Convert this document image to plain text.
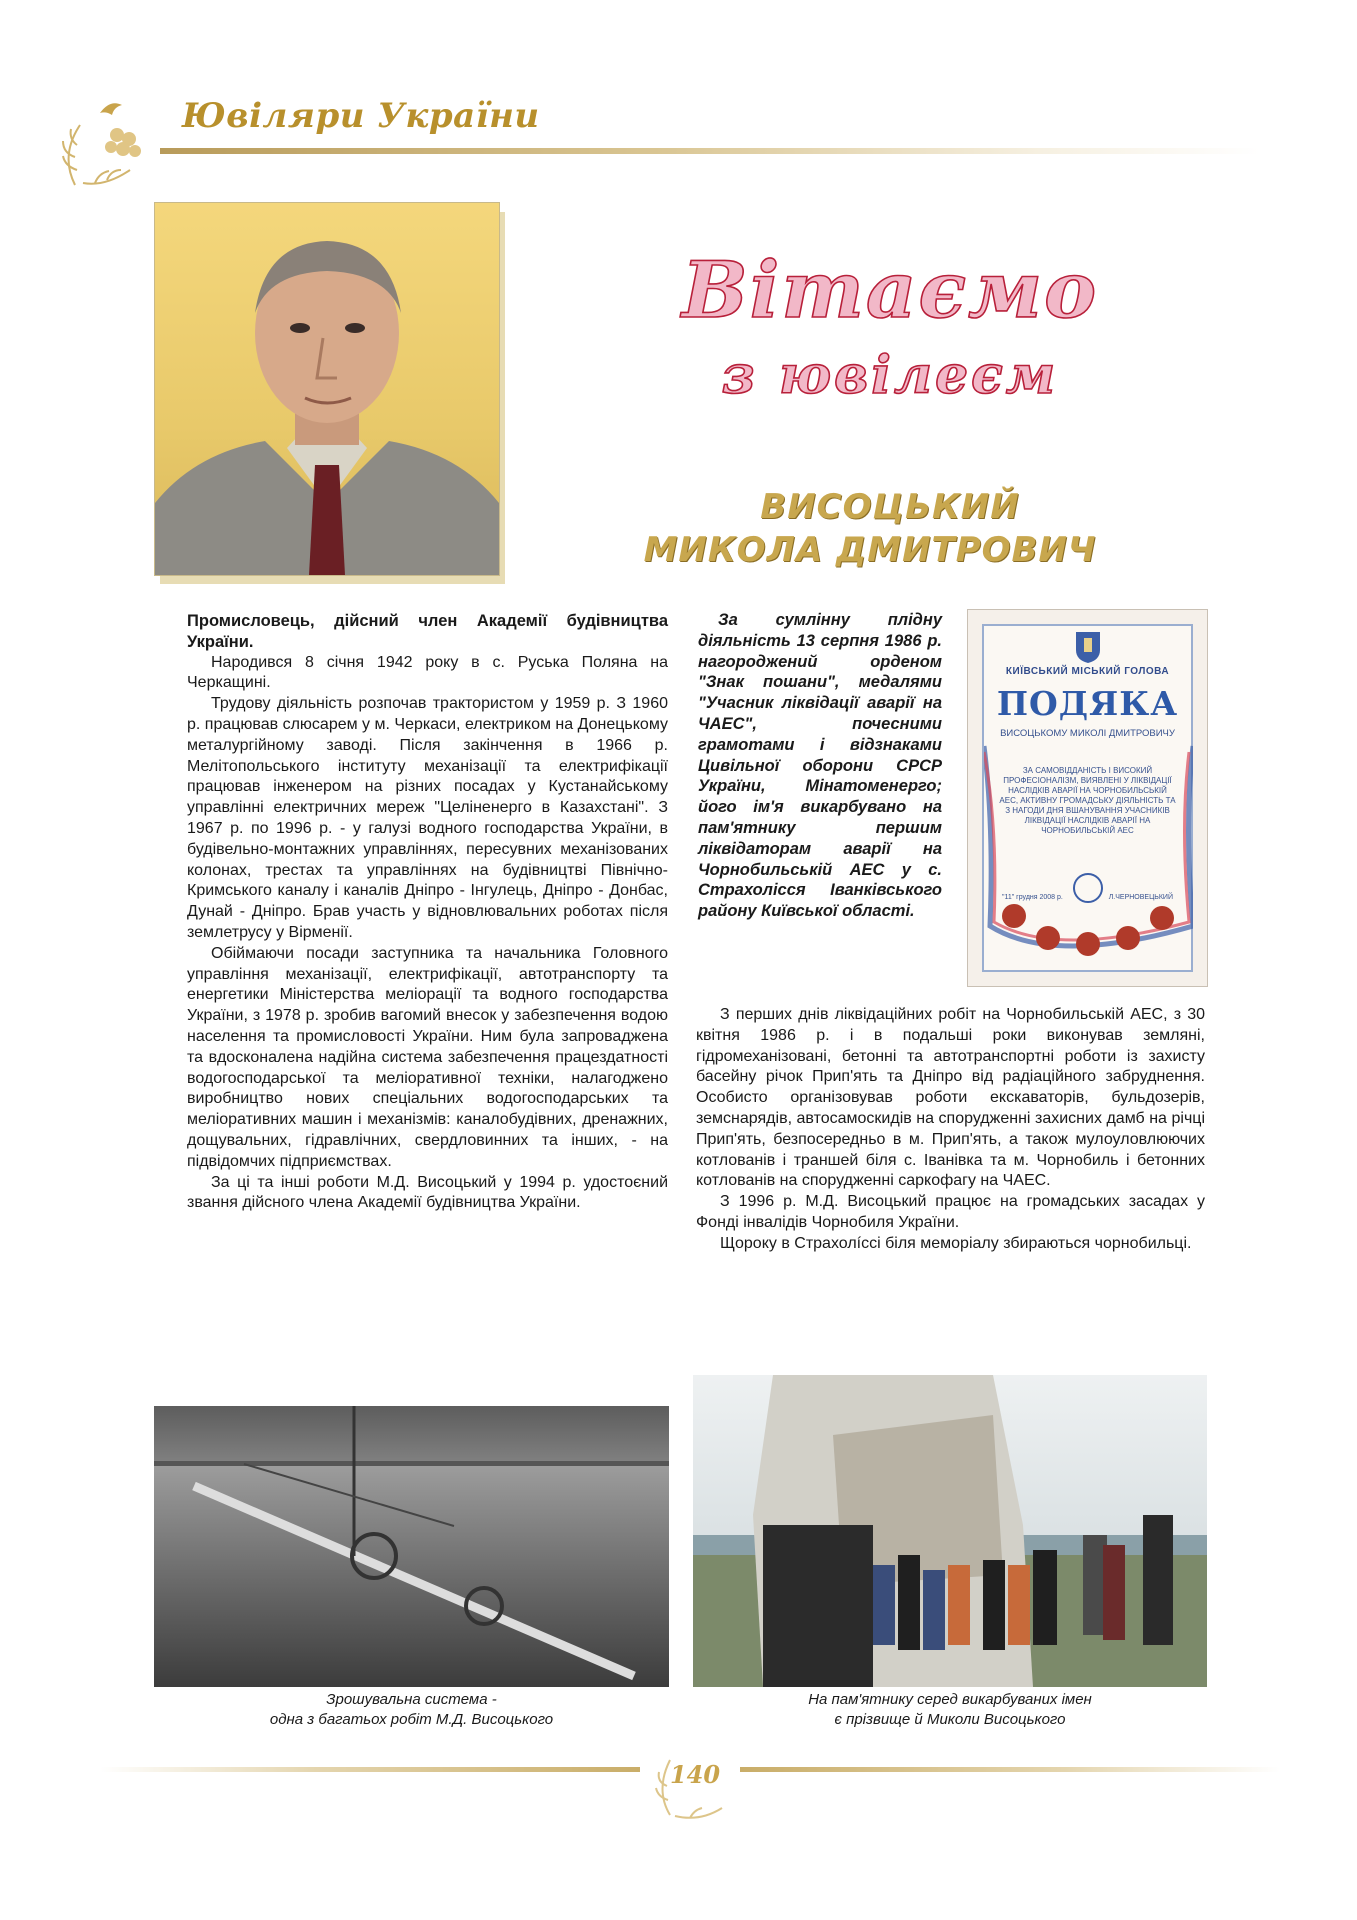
Ювіляри України
Вітаємо
з ювілеєм
ВИСОЦЬКИЙ
МИКОЛА ДМИТРОВИЧ

Промисловець, дійсний член Академії будівництва України.

Народився 8 січня 1942 року в с. Руська Поляна на Черкащині.

Трудову діяльність розпочав трактористом у 1959 р. З 1960 р. працював слюсарем у м. Черкаси, електриком на Донецькому металургійному заводі. Після закінчення в 1966 р. Мелітопольського інституту механізації та електрифікації працював інженером на різних посадах у Кустанайському управлінні електричних мереж "Целіненерго в Казахстані". З 1967 р. по 1996 р. - у галузі водного господарства України, в будівельно-монтажних управліннях, пересувних механізованих колонах, трестах та управліннях на будівництві Північно-Кримського каналу і каналів Дніпро - Інгулець, Дніпро - Донбас, Дунай - Дніпро. Брав участь у відновлювальних роботах після землетрусу у Вірменії.

Обіймаючи посади заступника та начальника Головного управління механізації, електрифікації, автотранспорту та енергетики Міністерства меліорації та водного господарства України, з 1978 р. зробив вагомий внесок у забезпечення водою населення та промисловості України. Ним була запроваджена та вдосконалена надійна система забезпечення працездатності водогосподарської та меліоративної техніки, налагоджено виробництво нових спеціальних водогосподарських та меліоративних машин і механізмів: каналобудівних, дренажних, дощувальних, гідравлічних, свердловинних та інших, - на підвідомчих підприємствах.

За ці та інші роботи М.Д. Висоцький у 1994 р. удостоєний звання дійсного члена Академії будівництва України.

За сумлінну плідну діяльність 13 серпня 1986 р. нагороджений орденом "Знак пошани", медалями "Учасник ліквідації аварії на ЧАЕС", почесними грамотами і відзнаками Цивільної оборони СРСР України, Мінатоменерго; його ім'я викарбувано на пам'ятнику першим ліквідаторам аварії на Чорнобильській АЕС у с. Страхолісся Іванківського району Київської області.

КИЇВСЬКИЙ МІСЬКИЙ ГОЛОВА
ПОДЯКА
ВИСОЦЬКОМУ МИКОЛІ ДМИТРОВИЧУ
ЗА САМОВІДДАНІСТЬ І ВИСОКИЙ ПРОФЕСІОНАЛІЗМ, ВИЯВЛЕНІ У ЛІКВІДАЦІЇ НАСЛІДКІВ АВАРІЇ НА ЧОРНОБИЛЬСЬКІЙ АЕС, АКТИВНУ ГРОМАДСЬКУ ДІЯЛЬНІСТЬ ТА З НАГОДИ ДНЯ ВШАНУВАННЯ УЧАСНИКІВ ЛІКВІДАЦІЇ НАСЛІДКІВ АВАРІЇ НА ЧОРНОБИЛЬСЬКІЙ АЕС
"11" грудня 2008 р.	Л.ЧЕРНОВЕЦЬКИЙ

З перших днів ліквідаційних робіт на Чорнобильській АЕС, з 30 квітня 1986 р. і в подальші роки виконував земляні, гідромеханізовані, бетонні та автотранспортні роботи із захисту басейну річок Прип'ять та Дніпро від радіаційного забруднення. Особисто організовував роботи екскаваторів, бульдозерів, земснарядів, автосамоскидів на спорудженні захисних дамб на річці Прип'ять, безпосередньо в м. Прип'ять, а також мулоуловлюючих котлованів і траншей біля с. Іванівка та м. Чорнобиль і бетонних котлованів на спорудженні саркофагу на ЧАЕС.

З 1996 р. М.Д. Висоцький працює на громадських засадах у Фонді інвалідів Чорнобиля України.

Щороку в Страхолíссі біля меморіалу збираються чорнобильці.

Зрошувальна система -
одна з багатьох робіт М.Д. Висоцького
На пам'ятнику серед викарбуваних імен
є прізвище й Миколи Висоцького
140
